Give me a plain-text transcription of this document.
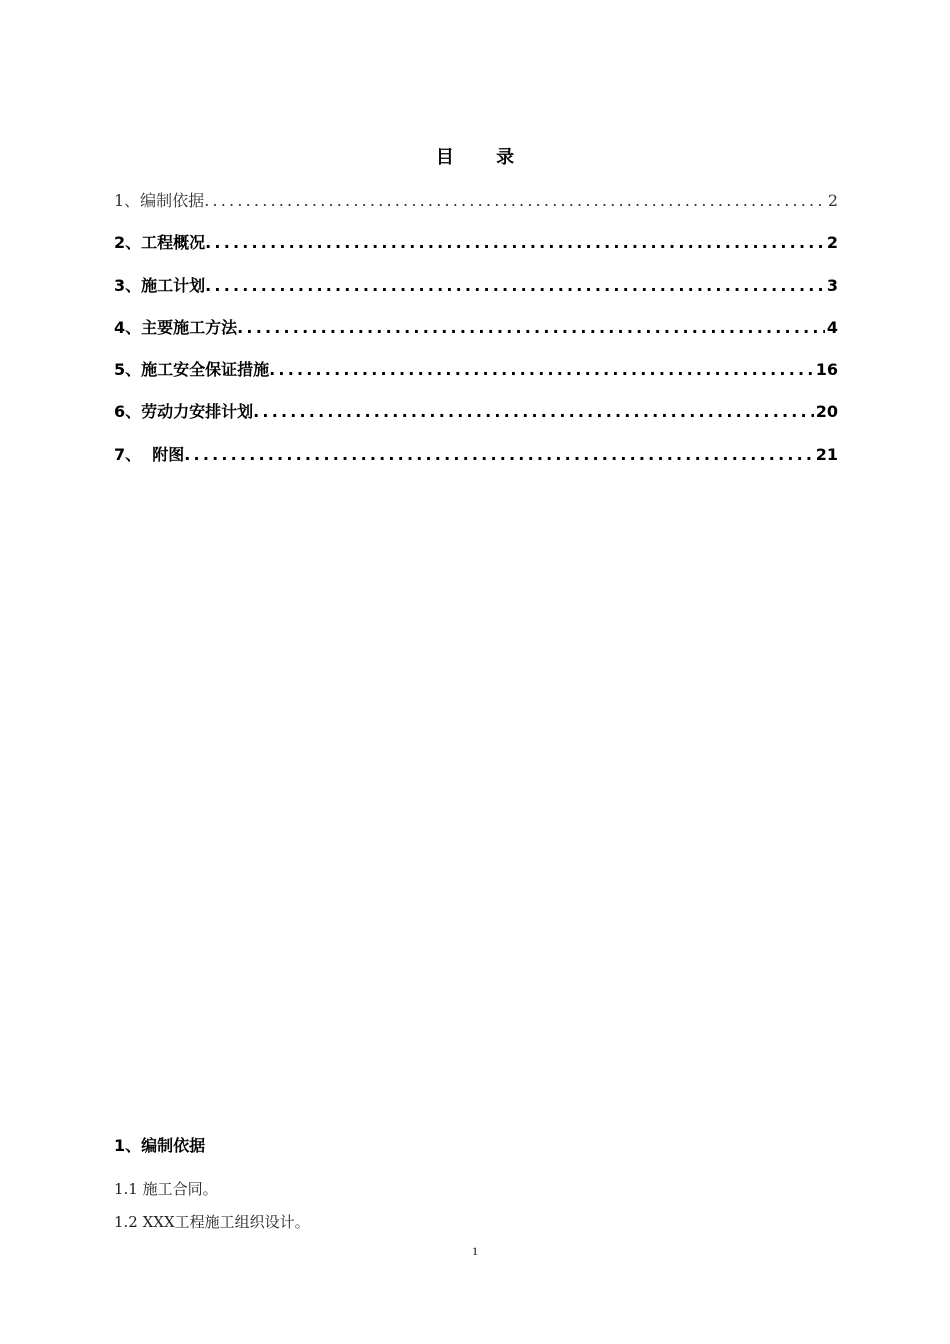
目 录
1、编制依据 .....	2
2、工程概况 .....	2
3、施工计划 .....	3
4、主要施工方法 .....	4
5、施工安全保证措施 .....	16
6、劳动力安排计划 .....	20
7、  附图 .....	21
1、编制依据
1.1 施工合同。
1.2 XXX工程施工组织设计。
1
